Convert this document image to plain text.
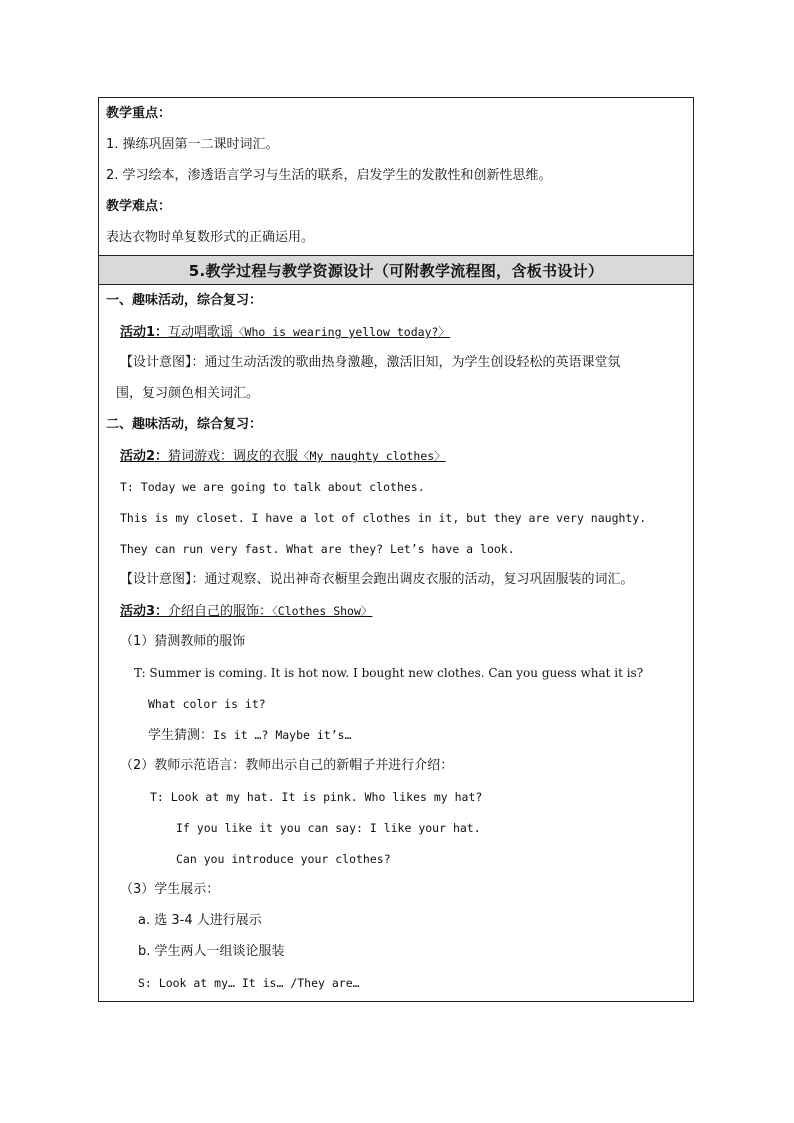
教学重点：
1. 操练巩固第一二课时词汇。
2. 学习绘本，渗透语言学习与生活的联系，启发学生的发散性和创新性思维。
教学难点：
表达衣物时单复数形式的正确运用。
5.教学过程与教学资源设计（可附教学流程图，含板书设计）
一、趣味活动，综合复习：
活动1：互动唱歌谣〈Who is wearing yellow today?〉
【设计意图】：通过生动活泼的歌曲热身激趣，激活旧知，为学生创设轻松的英语课堂氛
围，复习颜色相关词汇。
二、趣味活动，综合复习：
活动2：猜词游戏：调皮的衣服〈My naughty clothes〉
T: Today we are going to talk about clothes.
This is my closet. I have a lot of clothes in it, but they are very naughty.
They can run very fast. What are they? Let’s have a look.
【设计意图】：通过观察、说出神奇衣橱里会跑出调皮衣服的活动，复习巩固服装的词汇。
活动3：介绍自己的服饰：〈Clothes Show〉
（1）猜测教师的服饰
T: Summer is coming. It is hot now. I bought new clothes. Can you guess what it is?
What color is it?
学生猜测：Is it …? Maybe it’s…
（2）教师示范语言：教师出示自己的新帽子并进行介绍：
T: Look at my hat. It is pink. Who likes my hat?
If you like it you can say: I like your hat.
Can you introduce your clothes?
（3）学生展示：
a. 选 3-4 人进行展示
b. 学生两人一组谈论服装
S: Look at my… It is… /They are…
